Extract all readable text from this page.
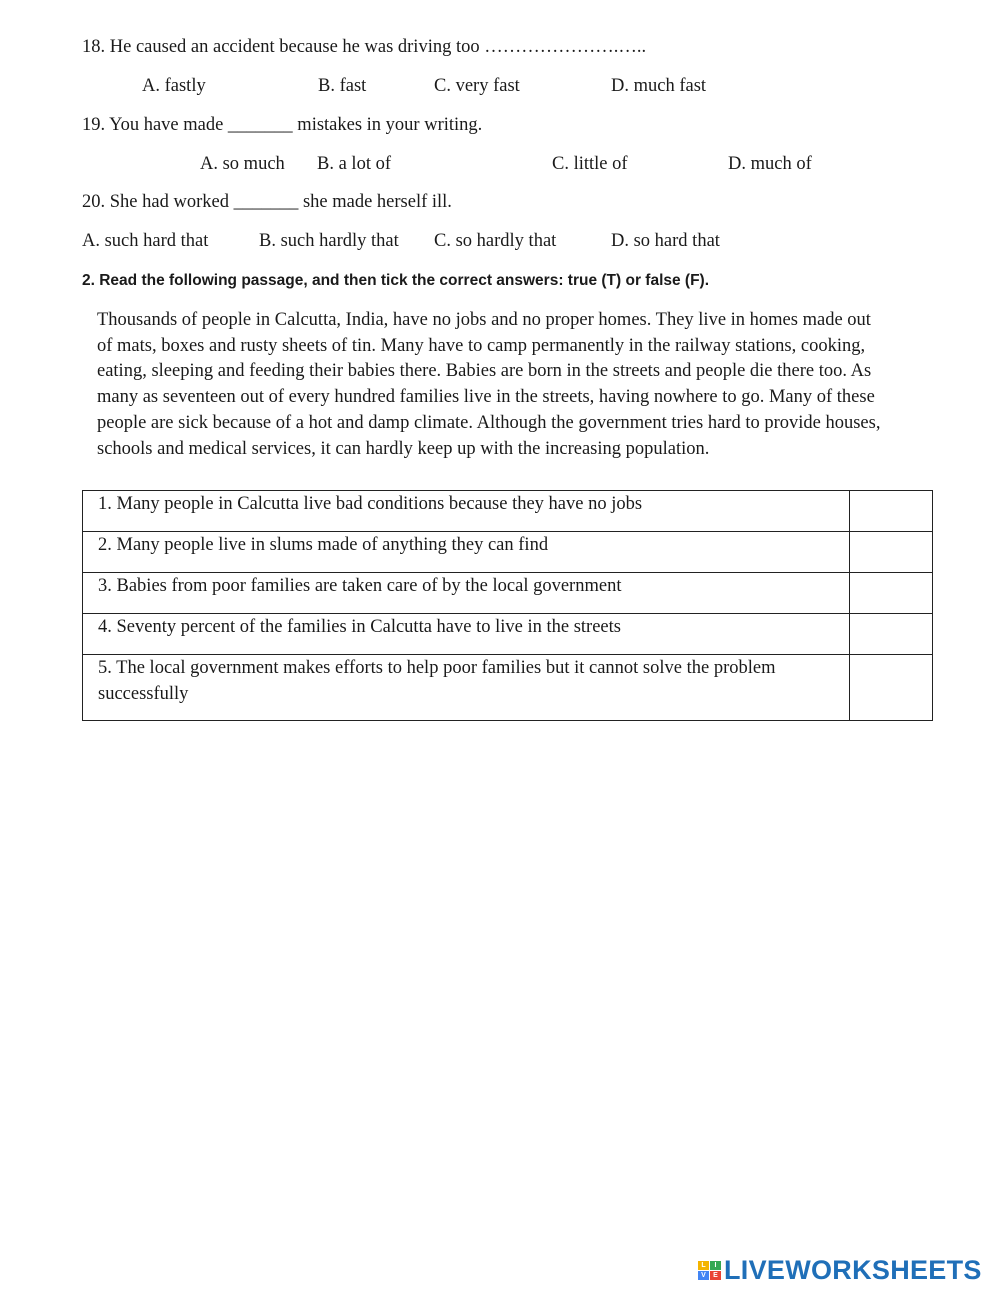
18. He caused an accident because he was driving too ………………….…..
A. fastly	B. fast	C. very fast	D. much fast
19. You have made _______ mistakes in your writing.
A. so much B. a lot of	C. little of	D. much of
20. She had worked _______ she made herself ill.
A. such hard that	B. such hardly that C. so hardly that	D. so hard that
2. Read the following passage, and then tick the correct answers: true (T) or false (F).
Thousands of people in Calcutta, India, have no jobs and no proper homes. They live in homes made out
of mats, boxes and rusty sheets of tin. Many have to camp permanently in the railway stations, cooking,
eating, sleeping and feeding their babies there. Babies are born in the streets and people die there too. As
many as seventeen out of every hundred families live in the streets, having nowhere to go. Many of these
people are sick because of a hot and damp climate. Although the government tries hard to provide houses,
schools and medical services, it can hardly keep up with the increasing population.
1. Many people in Calcutta live bad conditions because they have no jobs	

2. Many people live in slums made of anything they can find	

3. Babies from poor families are taken care of by the local government	

4. Seventy percent of the families in Calcutta have to live in the streets	

5. The local government makes efforts to help poor families but it cannot solve the problem successfully	
L	I
V	E LIVEWORKSHEETS
